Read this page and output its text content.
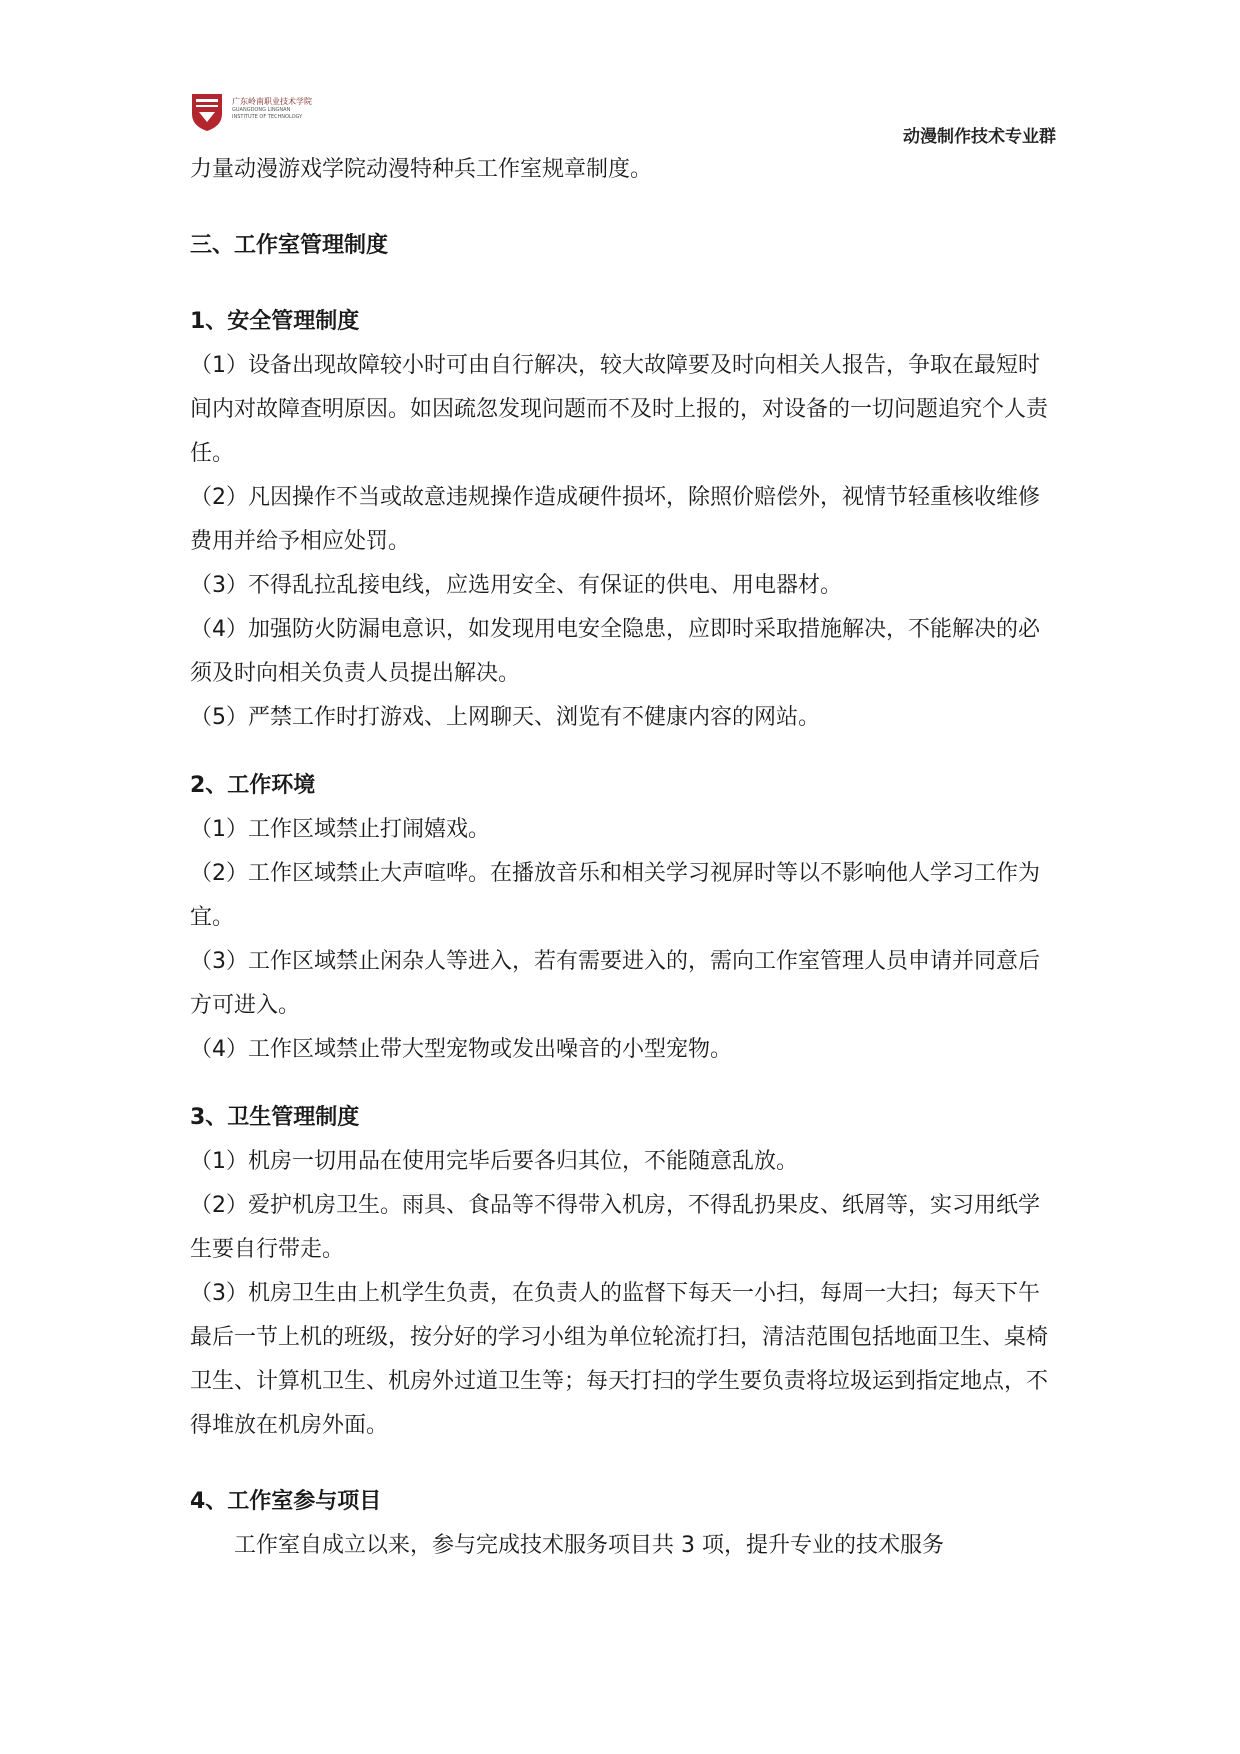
广东岭南职业技术学院
GUANGDONG LINGNAN
INSTITUTE OF TECHNOLOGY
动漫制作技术专业群

力量动漫游戏学院动漫特种兵工作室规章制度。

三、工作室管理制度

1、安全管理制度

（1）设备出现故障较小时可由自行解决，较大故障要及时向相关人报告，争取在最短时间内对故障查明原因。如因疏忽发现问题而不及时上报的，对设备的一切问题追究个人责任。

（2）凡因操作不当或故意违规操作造成硬件损坏，除照价赔偿外，视情节轻重核收维修费用并给予相应处罚。

（3）不得乱拉乱接电线，应选用安全、有保证的供电、用电器材。

（4）加强防火防漏电意识，如发现用电安全隐患，应即时采取措施解决，不能解决的必须及时向相关负责人员提出解决。

（5）严禁工作时打游戏、上网聊天、浏览有不健康内容的网站。

2、工作环境

（1）工作区域禁止打闹嬉戏。

（2）工作区域禁止大声喧哗。在播放音乐和相关学习视屏时等以不影响他人学习工作为宜。

（3）工作区域禁止闲杂人等进入，若有需要进入的，需向工作室管理人员申请并同意后方可进入。

（4）工作区域禁止带大型宠物或发出噪音的小型宠物。

3、卫生管理制度

（1）机房一切用品在使用完毕后要各归其位，不能随意乱放。

（2）爱护机房卫生。雨具、食品等不得带入机房，不得乱扔果皮、纸屑等，实习用纸学生要自行带走。

（3）机房卫生由上机学生负责，在负责人的监督下每天一小扫，每周一大扫；每天下午最后一节上机的班级，按分好的学习小组为单位轮流打扫，清洁范围包括地面卫生、桌椅卫生、计算机卫生、机房外过道卫生等；每天打扫的学生要负责将垃圾运到指定地点，不得堆放在机房外面。

4、工作室参与项目

工作室自成立以来，参与完成技术服务项目共 3 项，提升专业的技术服务
